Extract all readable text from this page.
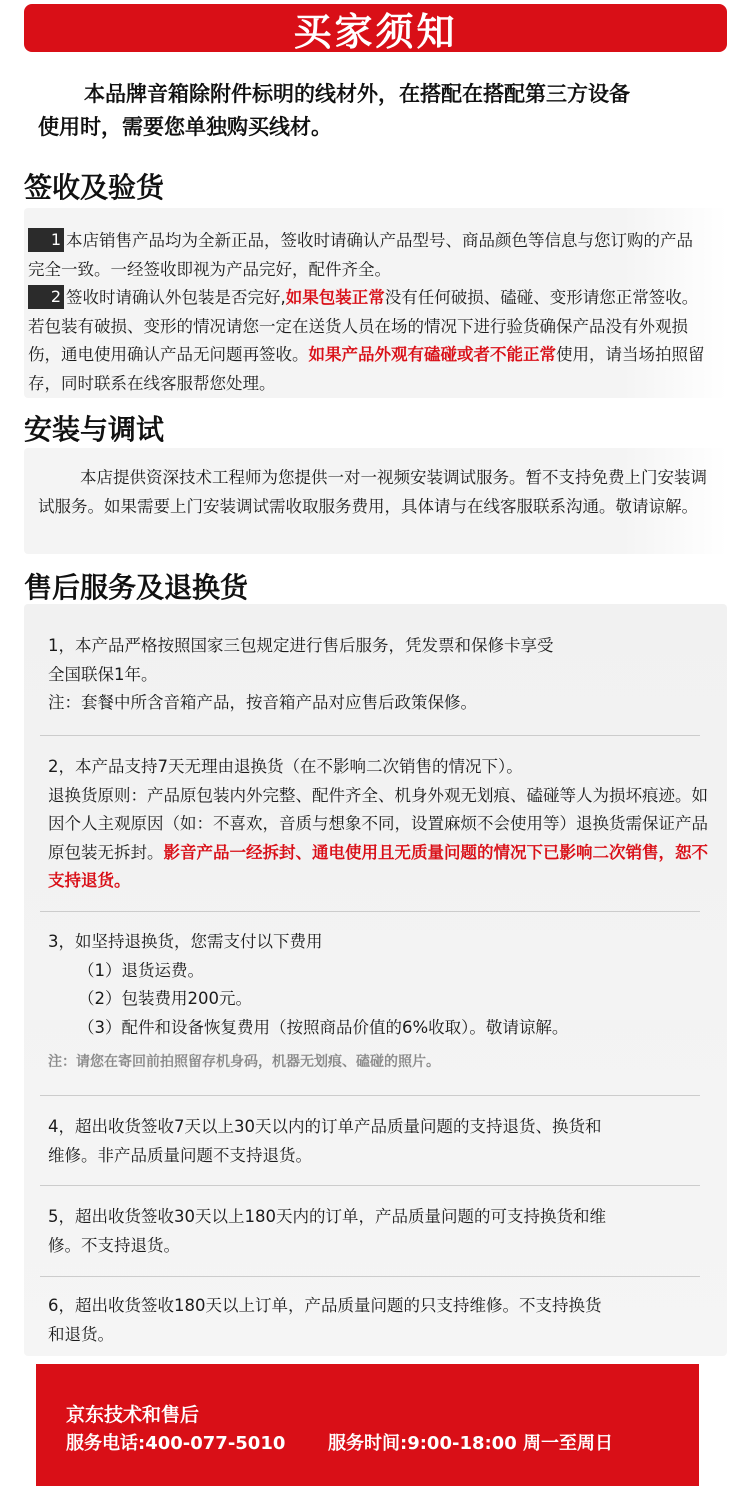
买家须知
本品牌音箱除附件标明的线材外，在搭配在搭配第三方设备
使用时，需要您单独购买线材。
签收及验货
1 本店销售产品均为全新正品，签收时请确认产品型号、商品颜色等信息与您订购的产品完全一致。一经签收即视为产品完好，配件齐全。
2 签收时请确认外包装是否完好,如果包装正常没有任何破损、磕碰、变形请您正常签收。若包装有破损、变形的情况请您一定在送货人员在场的情况下进行验货确保产品没有外观损伤，通电使用确认产品无问题再签收。如果产品外观有磕碰或者不能正常使用，请当场拍照留存，同时联系在线客服帮您处理。
安装与调试
本店提供资深技术工程师为您提供一对一视频安装调试服务。暂不支持免费上门安装调试服务。如果需要上门安装调试需收取服务费用，具体请与在线客服联系沟通。敬请谅解。
售后服务及退换货
1，本产品严格按照国家三包规定进行售后服务，凭发票和保修卡享受
全国联保1年。
注：套餐中所含音箱产品，按音箱产品对应售后政策保修。
2，本产品支持7天无理由退换货（在不影响二次销售的情况下）。
退换货原则：产品原包装内外完整、配件齐全、机身外观无划痕、磕碰等人为损坏痕迹。如因个人主观原因（如：不喜欢，音质与想象不同，设置麻烦不会使用等）退换货需保证产品原包装无拆封。影音产品一经拆封、通电使用且无质量问题的情况下已影响二次销售，恕不支持退货。
3，如坚持退换货，您需支付以下费用
（1）退货运费。
（2）包装费用200元。
（3）配件和设备恢复费用（按照商品价值的6%收取）。敬请谅解。
注：请您在寄回前拍照留存机身码，机器无划痕、磕碰的照片。
4，超出收货签收7天以上30天以内的订单产品质量问题的支持退货、换货和
维修。非产品质量问题不支持退货。
5，超出收货签收30天以上180天内的订单，产品质量问题的可支持换货和维
修。不支持退货。
6，超出收货签收180天以上订单，产品质量问题的只支持维修。不支持换货
和退货。
京东技术和售后
服务电话:400-077-5010 服务时间:9:00-18:00 周一至周日
